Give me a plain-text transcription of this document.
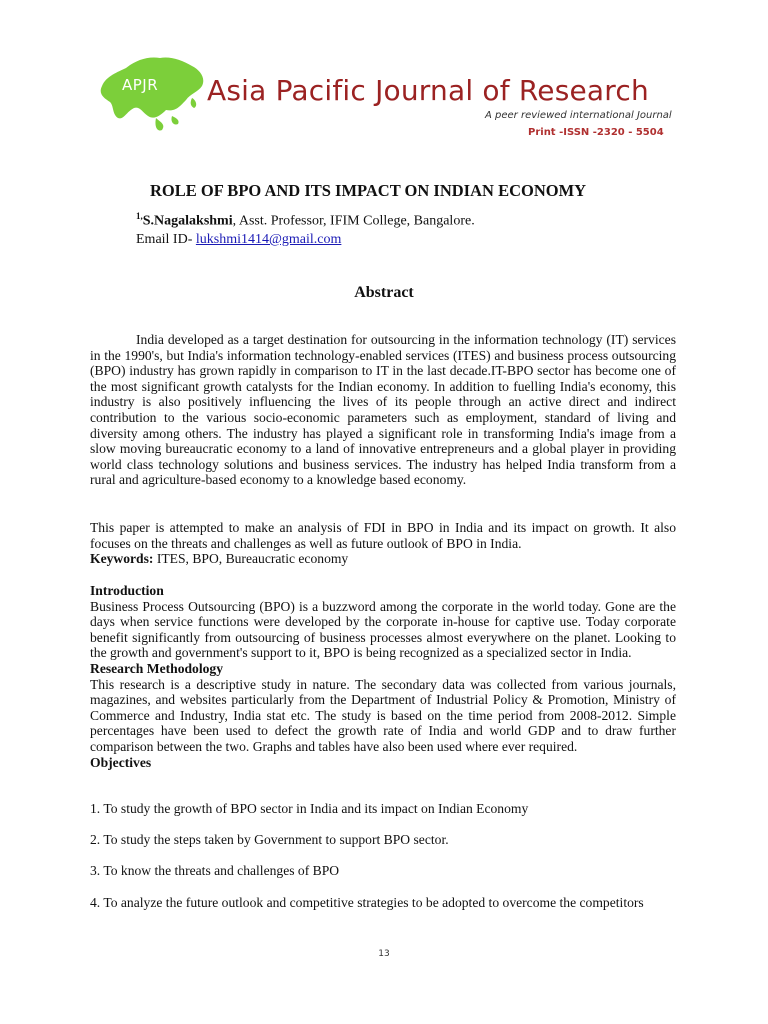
APJR Asia Pacific Journal of Research
A peer reviewed international Journal
Print -ISSN -2320 - 5504
ROLE OF BPO AND ITS IMPACT ON INDIAN ECONOMY
$^{1,}$S.Nagalakshmi, Asst. Professor, IFIM College, Bangalore.
Email ID- lukshmi1414@gmail.com
Abstract
India developed as a target destination for outsourcing in the information technology (IT) services in the 1990's, but India's information technology-enabled services (ITES) and business process outsourcing (BPO) industry has grown rapidly in comparison to IT in the last decade.IT-BPO sector has become one of the most significant growth catalysts for the Indian economy. In addition to fuelling India's economy, this industry is also positively influencing the lives of its people through an active direct and indirect contribution to the various socio-economic parameters such as employment, standard of living and diversity among others. The industry has played a significant role in transforming India's image from a slow moving bureaucratic economy to a land of innovative entrepreneurs and a global player in providing world class technology solutions and business services. The industry has helped India transform from a rural and agriculture-based economy to a knowledge based economy.
This paper is attempted to make an analysis of FDI in BPO in India and its impact on growth. It also focuses on the threats and challenges as well as future outlook of BPO in India.
Keywords: ITES, BPO, Bureaucratic economy
Introduction
Business Process Outsourcing (BPO) is a buzzword among the corporate in the world today. Gone are the days when service functions were developed by the corporate in-house for captive use. Today corporate benefit significantly from outsourcing of business processes almost everywhere on the planet. Looking to the growth and government's support to it, BPO is being recognized as a specialized sector in India.
Research Methodology
This research is a descriptive study in nature. The secondary data was collected from various journals, magazines, and websites particularly from the Department of Industrial Policy & Promotion, Ministry of Commerce and Industry, India stat etc. The study is based on the time period from 2008-2012. Simple percentages have been used to defect the growth rate of India and world GDP and to draw further comparison between the two. Graphs and tables have also been used where ever required.
Objectives
1. To study the growth of BPO sector in India and its impact on Indian Economy
2. To study the steps taken by Government to support BPO sector.
3. To know the threats and challenges of BPO
4. To analyze the future outlook and competitive strategies to be adopted to overcome the competitors
13
